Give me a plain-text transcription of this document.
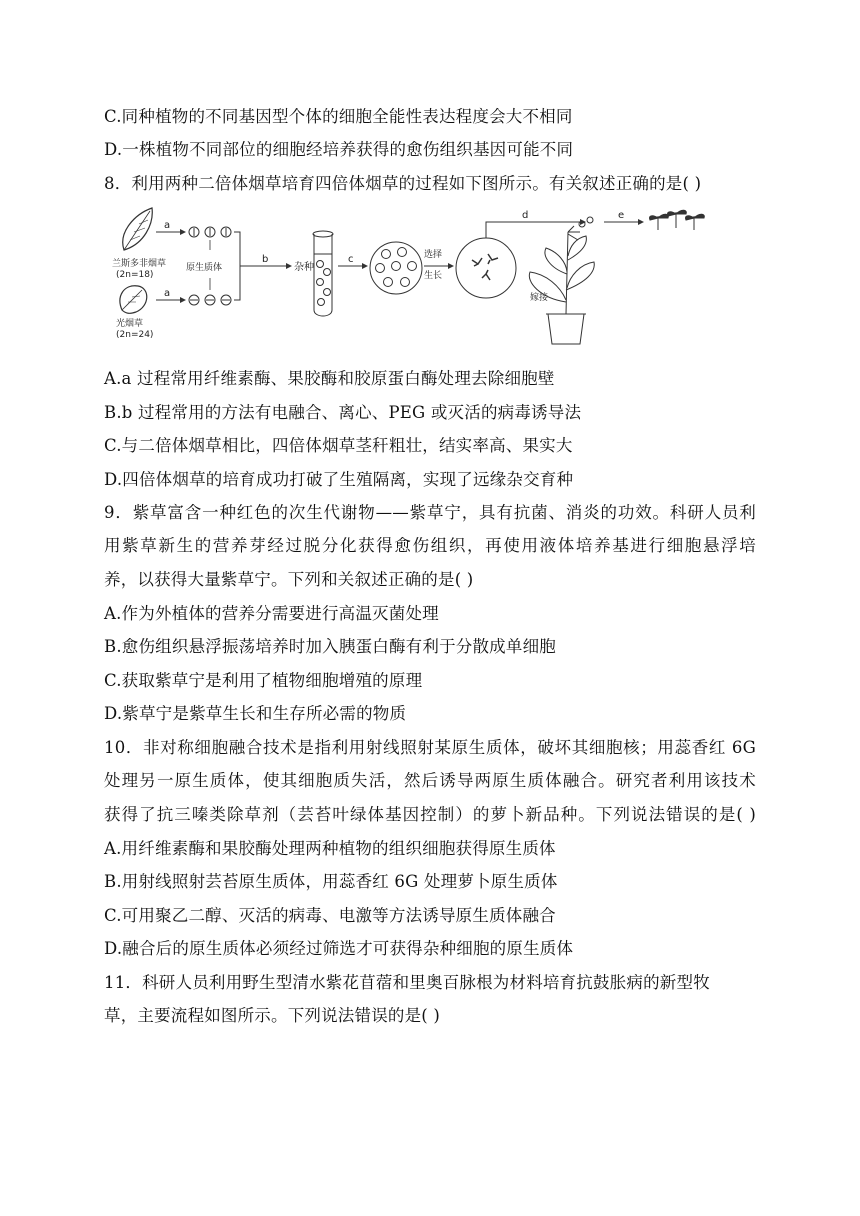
C.同种植物的不同基因型个体的细胞全能性表达程度会大不相同
D.一株植物不同部位的细胞经培养获得的愈伤组织基因可能不同
8．利用两种二倍体烟草培育四倍体烟草的过程如下图所示。有关叙述正确的是( )
兰斯多非烟草
(2n=18)
光烟草
(2n=24)
a
a
原生质体
b
杂种
c	选择
生长
d
嫁接
e
A.a 过程常用纤维素酶、果胶酶和胶原蛋白酶处理去除细胞壁
B.b 过程常用的方法有电融合、离心、PEG 或灭活的病毒诱导法
C.与二倍体烟草相比，四倍体烟草茎秆粗壮，结实率高、果实大
D.四倍体烟草的培育成功打破了生殖隔离，实现了远缘杂交育种
9．紫草富含一种红色的次生代谢物——紫草宁，具有抗菌、消炎的功效。科研人员利
用紫草新生的营养芽经过脱分化获得愈伤组织，再使用液体培养基进行细胞悬浮培
养，以获得大量紫草宁。下列和关叙述正确的是( )
A.作为外植体的营养分需要进行高温灭菌处理
B.愈伤组织悬浮振荡培养时加入胰蛋白酶有利于分散成单细胞
C.获取紫草宁是利用了植物细胞增殖的原理
D.紫草宁是紫草生长和生存所必需的物质
10．非对称细胞融合技术是指利用射线照射某原生质体，破坏其细胞核；用蕊香红 6G
处理另一原生质体，使其细胞质失活，然后诱导两原生质体融合。研究者利用该技术
获得了抗三嗪类除草剂（芸苔叶绿体基因控制）的萝卜新品种。下列说法错误的是( )
A.用纤维素酶和果胶酶处理两种植物的组织细胞获得原生质体
B.用射线照射芸苔原生质体，用蕊香红 6G 处理萝卜原生质体
C.可用聚乙二醇、灭活的病毒、电激等方法诱导原生质体融合
D.融合后的原生质体必须经过筛选才可获得杂种细胞的原生质体
11．科研人员利用野生型清水紫花苜蓿和里奥百脉根为材料培育抗鼓胀病的新型牧
草，主要流程如图所示。下列说法错误的是( )
